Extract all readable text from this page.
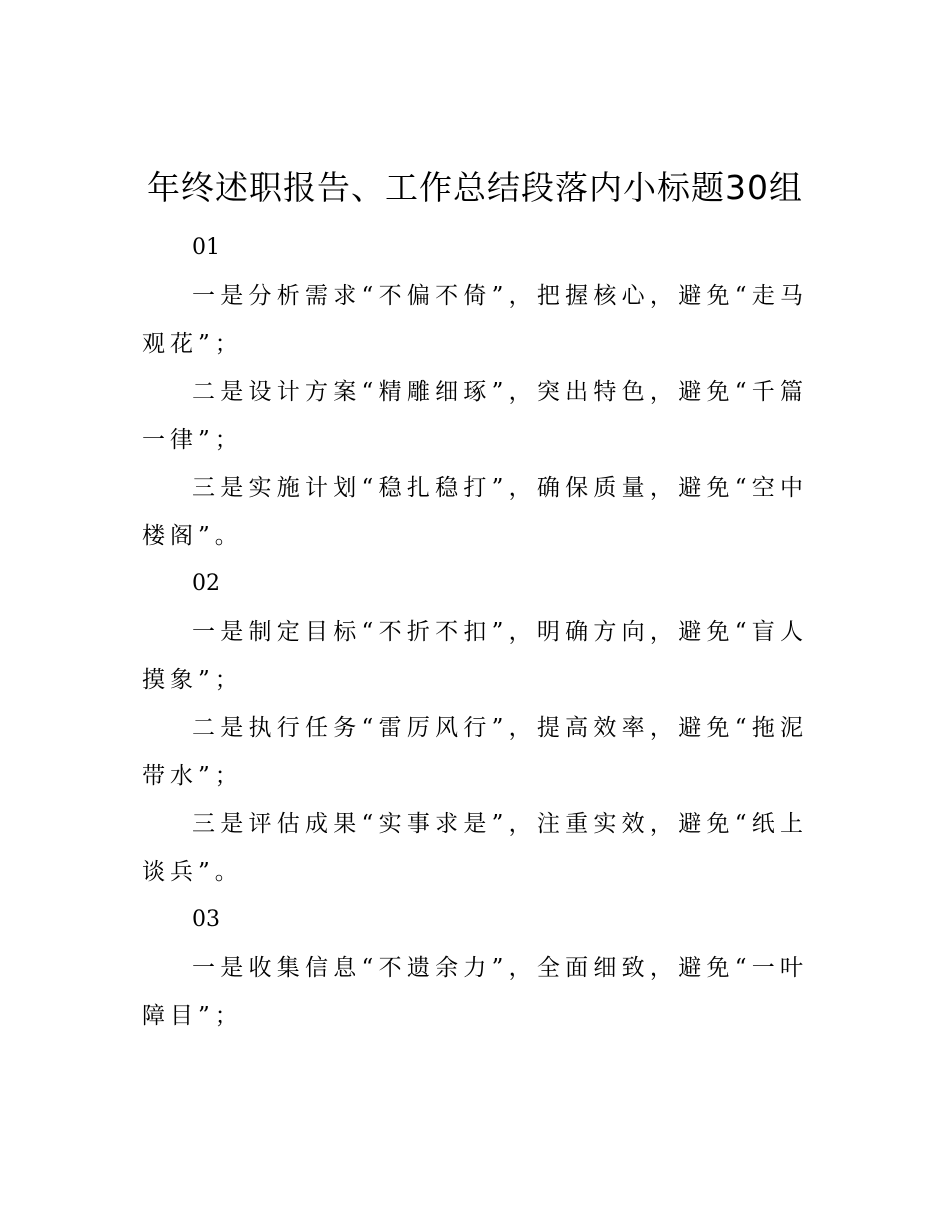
年终述职报告、工作总结段落内小标题30组

01

一是分析需求“不偏不倚”，把握核心，避免“走马观花”；

二是设计方案“精雕细琢”，突出特色，避免“千篇一律”；

三是实施计划“稳扎稳打”，确保质量，避免“空中楼阁”。

02

一是制定目标“不折不扣”，明确方向，避免“盲人摸象”；

二是执行任务“雷厉风行”，提高效率，避免“拖泥带水”；

三是评估成果“实事求是”，注重实效，避免“纸上谈兵”。

03

一是收集信息“不遗余力”，全面细致，避免“一叶障目”；
